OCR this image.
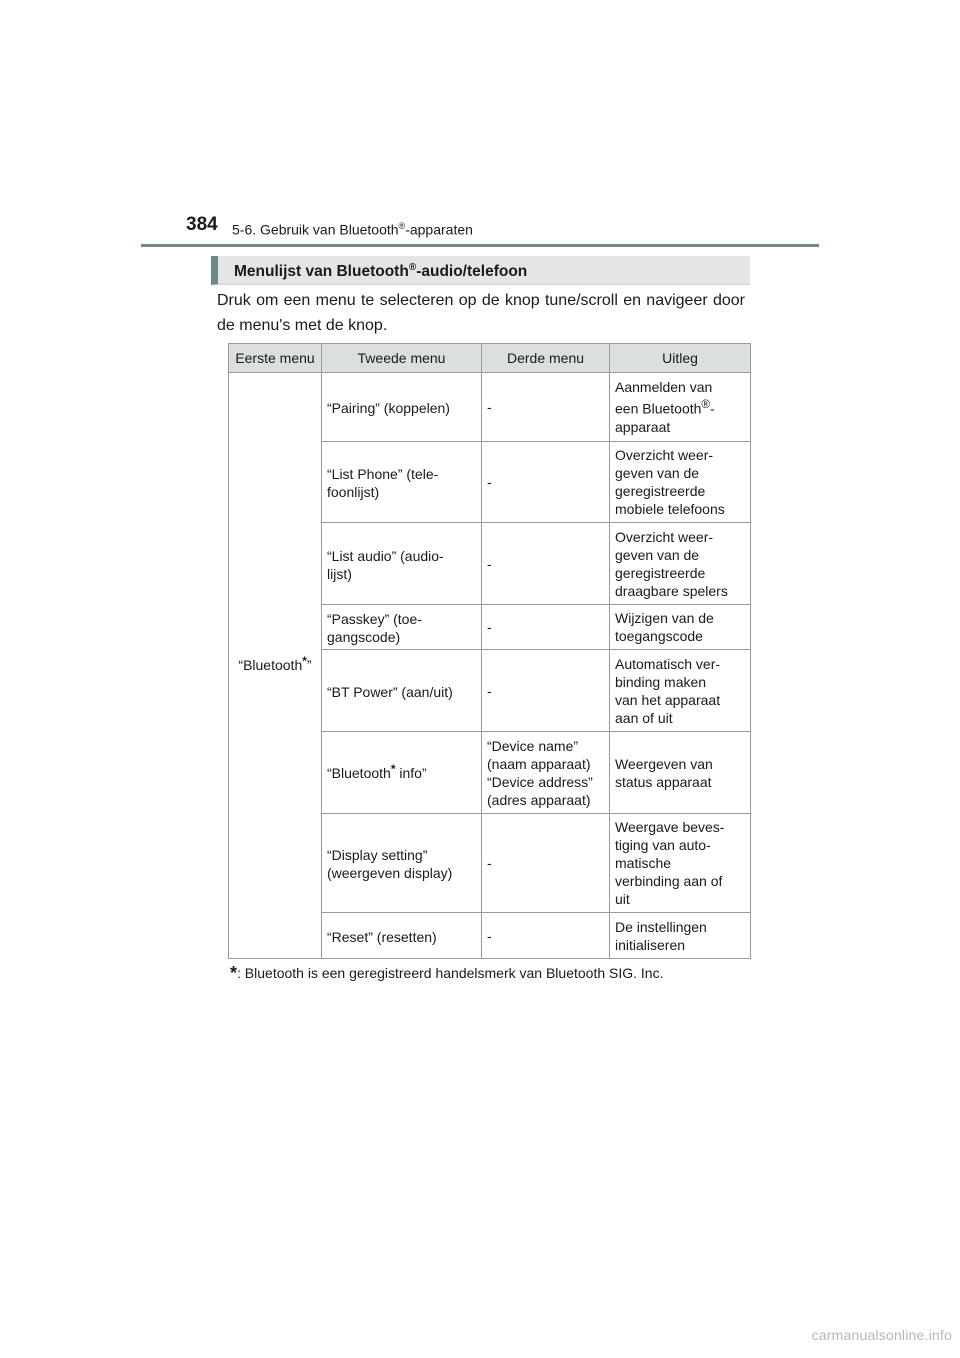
384 5-6. Gebruik van Bluetooth®-apparaten
Menulijst van Bluetooth®-audio/telefoon
Druk om een menu te selecteren op de knop tune/scroll en navigeer door de menu's met de knop.
Eerste menu	Tweede menu	Derde menu	Uitleg
“Bluetooth*”	“Pairing” (koppelen)	-	Aanmelden van
een Bluetooth®-
apparaat

	“List Phone” (tele-
foonlijst)	-	Overzicht weer-
geven van de
geregistreerde
mobiele telefoons

	“List audio” (audio-
lijst)	-	Overzicht weer-
geven van de
geregistreerde
draagbare spelers

	“Passkey” (toe-
gangscode)	-	Wijzigen van de
toegangscode

	“BT Power” (aan/uit)	-	Automatisch ver-
binding maken
van het apparaat
aan of uit

	“Bluetooth* info”	“Device name”
(naam apparaat)
“Device address”
(adres apparaat)	Weergeven van
status apparaat

	“Display setting”
(weergeven display)	-	Weergave beves-
tiging van auto-
matische
verbinding aan of
uit

	“Reset” (resetten)	-	De instellingen
initialiseren
*: Bluetooth is een geregistreerd handelsmerk van Bluetooth SIG. Inc.
carmanualsonline.info
